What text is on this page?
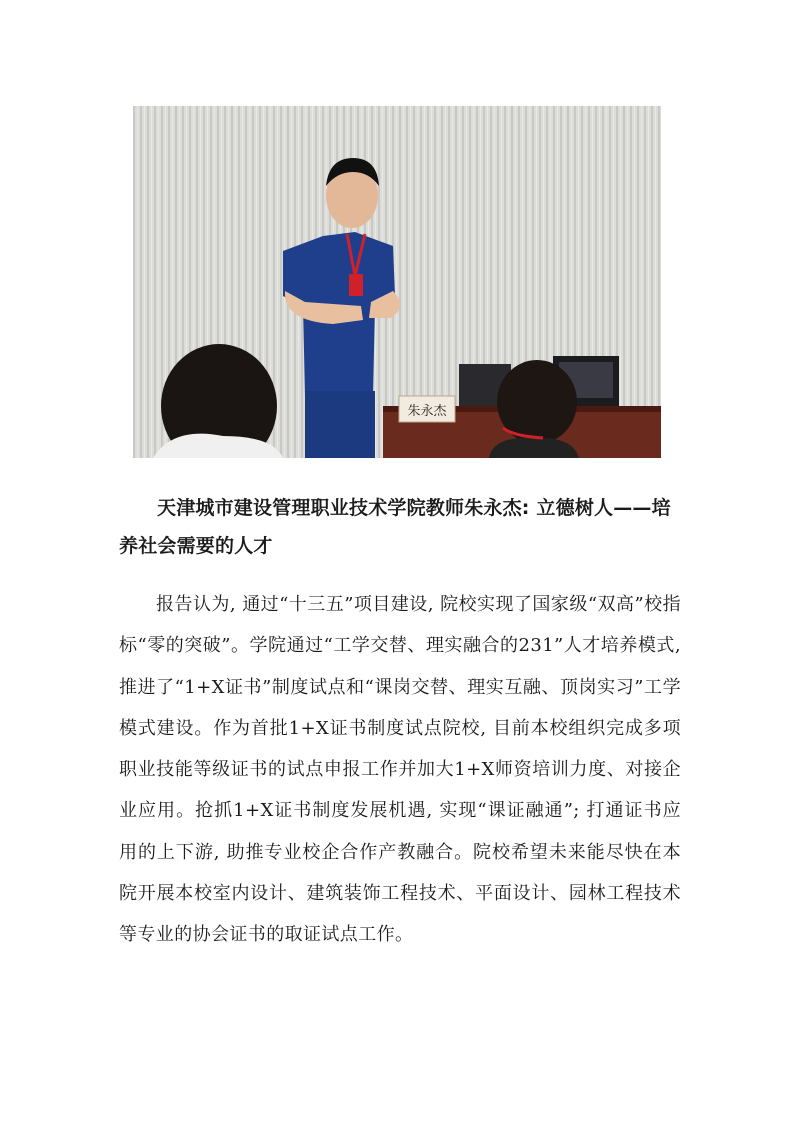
朱永杰

天津城市建设管理职业技术学院教师朱永杰: 立德树人——培养社会需要的人才

报告认为, 通过“十三五”项目建设, 院校实现了国家级“双高”校指标“零的突破”。学院通过“工学交替、理实融合的231”人才培养模式, 推进了“1+X证书”制度试点和“课岗交替、理实互融、顶岗实习”工学模式建设。作为首批1+X证书制度试点院校, 目前本校组织完成多项职业技能等级证书的试点申报工作并加大1+X师资培训力度、对接企业应用。抢抓1+X证书制度发展机遇, 实现“课证融通”; 打通证书应用的上下游, 助推专业校企合作产教融合。院校希望未来能尽快在本院开展本校室内设计、建筑装饰工程技术、平面设计、园林工程技术等专业的协会证书的取证试点工作。
